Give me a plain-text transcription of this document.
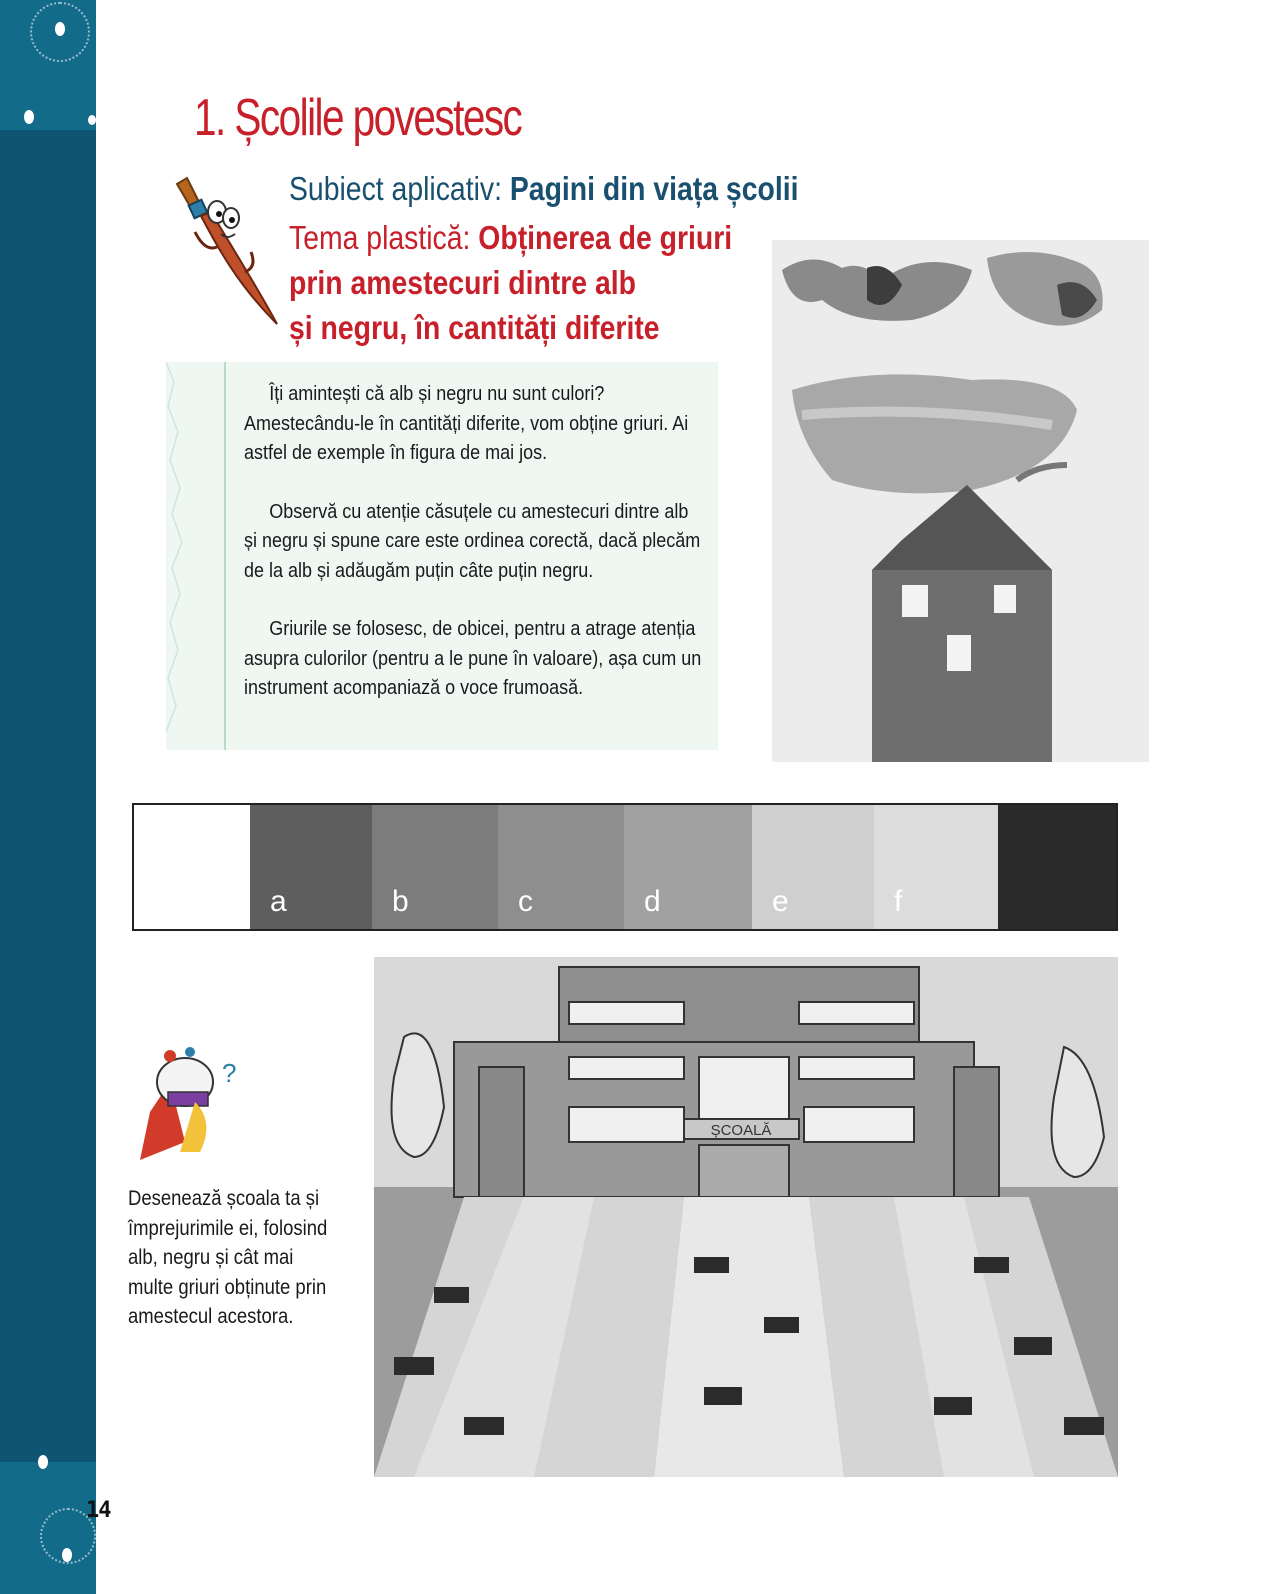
14
1. Școlile povestesc
Subiect aplicativ: Pagini din viața școlii
Tema plastică: Obținerea de griuri
prin amestecuri dintre alb
și negru, în cantități diferite

Îți amintești că alb și negru nu sunt culori? Amestecându-le în cantități diferite, vom obține griuri. Ai astfel de exemple în figura de mai jos.

Observă cu atenție căsuțele cu amestecuri dintre alb și negru și spune care este ordinea corectă, dacă plecăm de la alb și adăugăm puțin câte puțin negru.

Griurile se folosesc, de obicei, pentru a atrage atenția asupra culorilor (pentru a le pune în valoare), așa cum un instrument acompaniază o voce frumoasă.

a	b	c	d	e	f
ȘCOALĂ
?
Desenează școala ta și împrejurimile ei, folosind alb, negru și cât mai multe griuri obținute prin amestecul acestora.
